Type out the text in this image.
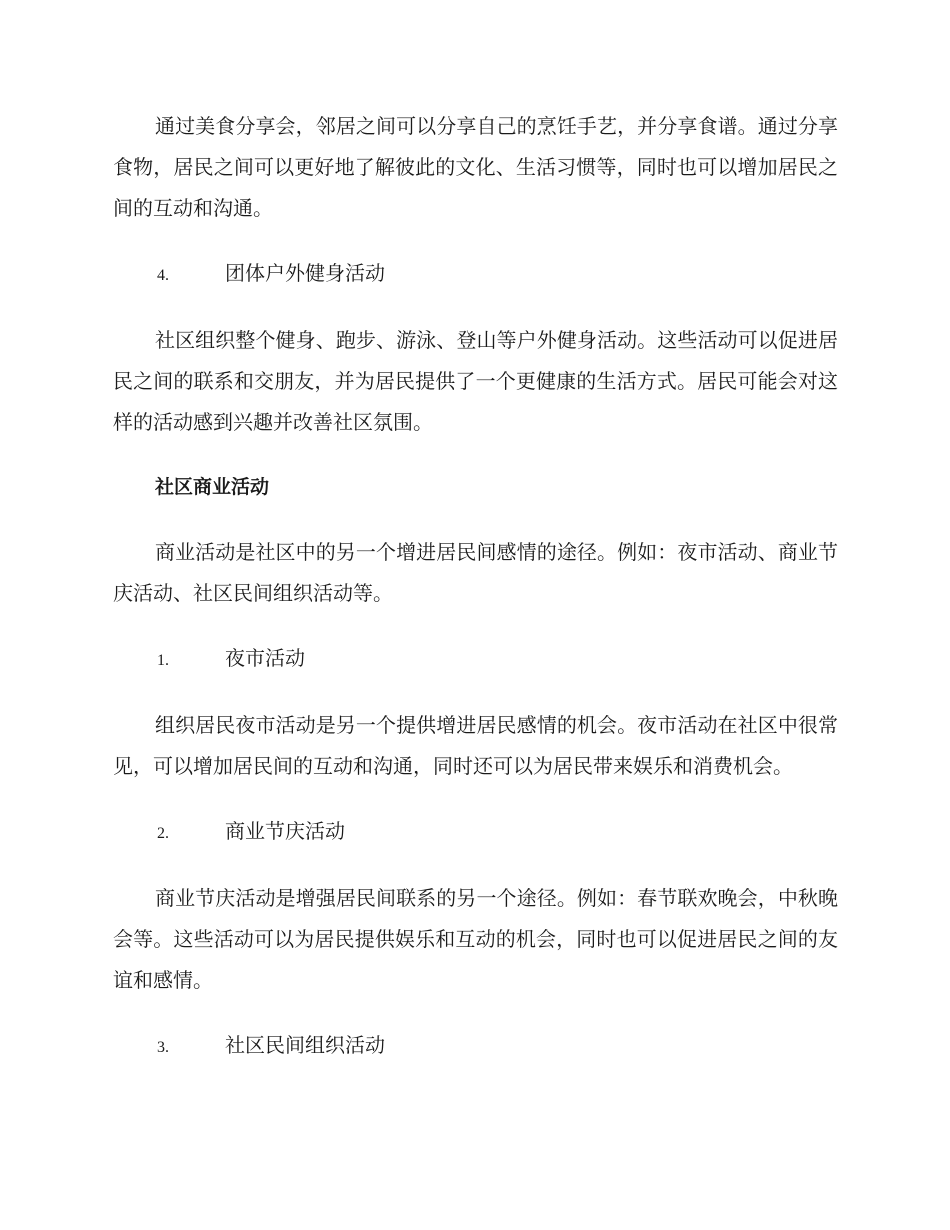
通过美食分享会，邻居之间可以分享自己的烹饪手艺，并分享食谱。通过分享食物，居民之间可以更好地了解彼此的文化、生活习惯等，同时也可以增加居民之间的互动和沟通。

4.	团体户外健身活动

社区组织整个健身、跑步、游泳、登山等户外健身活动。这些活动可以促进居民之间的联系和交朋友，并为居民提供了一个更健康的生活方式。居民可能会对这样的活动感到兴趣并改善社区氛围。

社区商业活动

商业活动是社区中的另一个增进居民间感情的途径。例如：夜市活动、商业节庆活动、社区民间组织活动等。

1.	夜市活动

组织居民夜市活动是另一个提供增进居民感情的机会。夜市活动在社区中很常见，可以增加居民间的互动和沟通，同时还可以为居民带来娱乐和消费机会。

2.	商业节庆活动

商业节庆活动是增强居民间联系的另一个途径。例如：春节联欢晚会，中秋晚会等。这些活动可以为居民提供娱乐和互动的机会，同时也可以促进居民之间的友谊和感情。

3.	社区民间组织活动
